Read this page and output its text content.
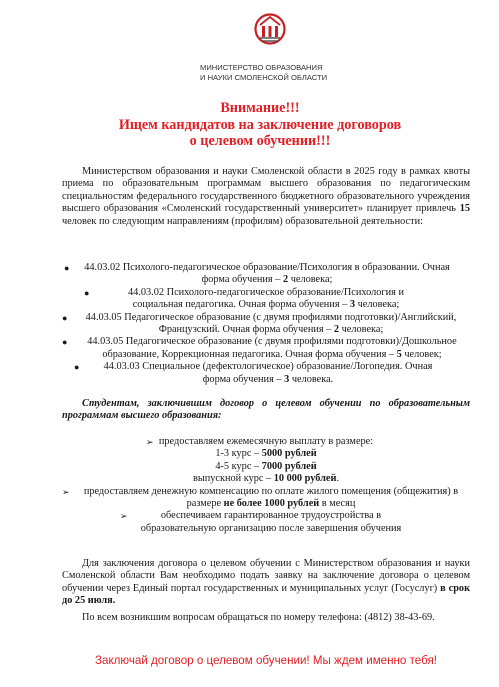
МИНИСТЕРСТВО ОБРАЗОВАНИЯ
И НАУКИ СМОЛЕНСКОЙ ОБЛАСТИ
Внимание!!!
Ищем кандидатов на заключение договоров
о целевом обучении!!!

Министерством образования и науки Смоленской области в 2025 году в рамках квоты приема по образовательным программам высшего образования по педагогическим специальностям федерального государственного бюджетного образовательного учреждения высшего образования «Смоленский государственный университет» планирует привлечь 15 человек по следующим направлениям (профилям) образовательной деятельности:

● 44.03.02 Психолого-педагогическое образование/Психология в образовании. Очная форма обучения – 2 человека;
●	44.03.02 Психолого-педагогическое образование/Психология и социальная педагогика. Очная форма обучения – 3 человека;
● 44.03.05 Педагогическое образование (с двумя профилями подготовки)/Английский, Французский. Очная форма обучения – 2 человека;
● 44.03.05 Педагогическое образование (с двумя профилями подготовки)/Дошкольное образование, Коррекционная педагогика. Очная форма обучения – 5 человек;
● 44.03.03 Специальное (дефектологическое) образование/Логопедия. Очная форма обучения – 3 человека.

Студентам, заключившим договор о целевом обучении по образовательным программам высшего образования:

➢ предоставляем ежемесячную выплату в размере:
1-3 курс – 5000 рублей
4-5 курс – 7000 рублей
выпускной курс – 10 000 рублей.
➢ предоставляем денежную компенсацию по оплате жилого помещения (общежития) в размере не более 1000 рублей в месяц
➢	обеспечиваем гарантированное трудоустройства в образовательную организацию после завершения обучения

Для заключения договора о целевом обучении с Министерством образования и науки Смоленской области Вам необходимо подать заявку на заключение договора о целевом обучении через Единый портал государственных и муниципальных услуг (Госуслуг) в срок до 25 июля.

По всем возникшим вопросам обращаться по номеру телефона: (4812) 38-43-69.

Заключай договор о целевом обучении! Мы ждем именно тебя!
